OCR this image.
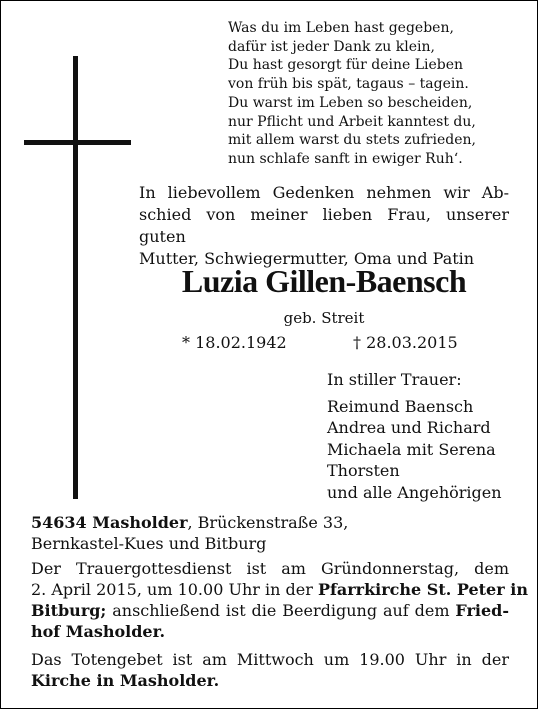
Was du im Leben hast gegeben,
dafür ist jeder Dank zu klein,
Du hast gesorgt für deine Lieben
von früh bis spät, tagaus – tagein.
Du warst im Leben so bescheiden,
nur Pflicht und Arbeit kanntest du,
mit allem warst du stets zufrieden,
nun schlafe sanft in ewiger Ruh‘.
In liebevollem Gedenken nehmen wir Ab-
schied von meiner lieben Frau, unserer guten
Mutter, Schwiegermutter, Oma und Patin
Luzia Gillen-Baensch
geb. Streit
* 18.02.1942	† 28.03.2015
In stiller Trauer:
Reimund Baensch
Andrea und Richard
Michaela mit Serena
Thorsten
und alle Angehörigen
54634 Masholder, Brückenstraße 33,
Bernkastel-Kues und Bitburg
Der Trauergottesdienst ist am Gründonnerstag, dem
2. April 2015, um 10.00 Uhr in der Pfarrkirche St. Peter in
Bitburg; anschließend ist die Beerdigung auf dem Fried-
hof Masholder.
Das Totengebet ist am Mittwoch um 19.00 Uhr in der
Kirche in Masholder.
